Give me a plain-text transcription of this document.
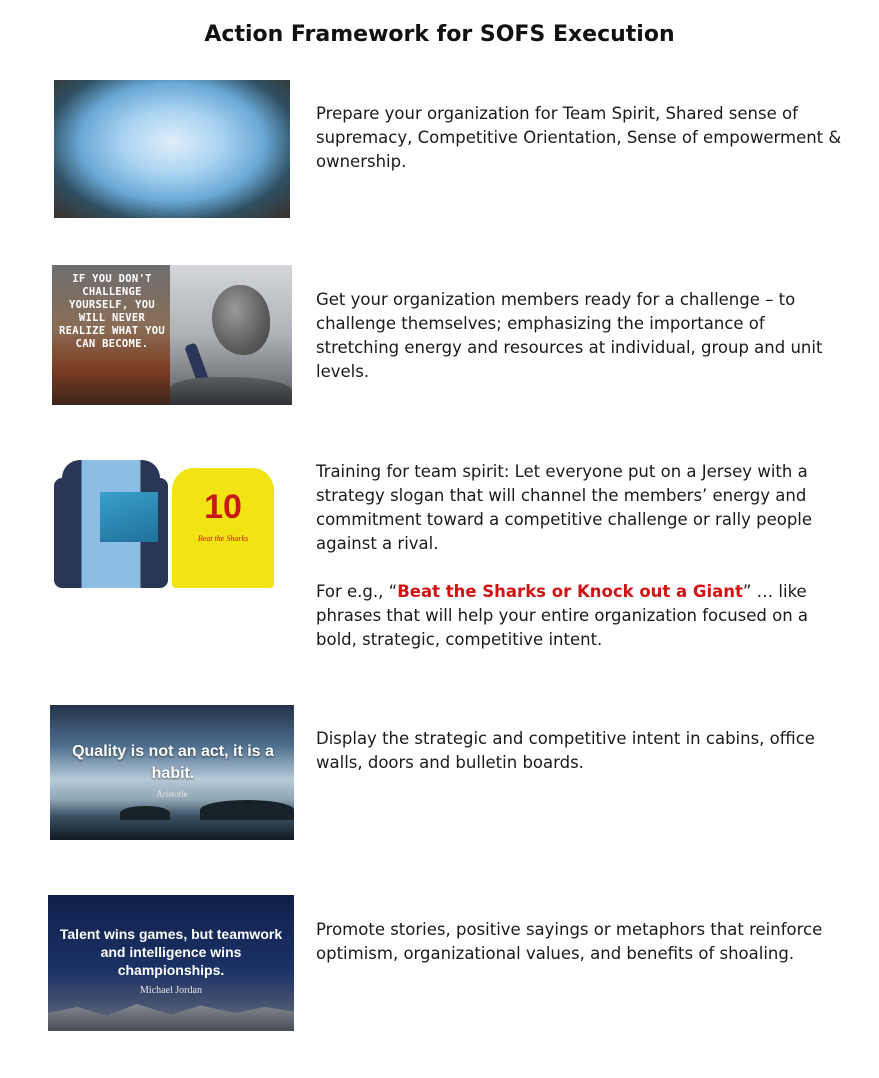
Action Framework for SOFS Execution

Prepare your organization for Team Spirit, Shared sense of supremacy, Competitive Orientation, Sense of empowerment & ownership.

IF YOU DON'T CHALLENGE YOURSELF, YOU WILL NEVER REALIZE WHAT YOU CAN BECOME.

Get your organization members ready for a challenge – to challenge themselves; emphasizing the importance of stretching energy and resources at individual, group and unit levels.

10
Beat the Sharks

Training for team spirit: Let everyone put on a Jersey with a strategy slogan that will channel the members’ energy and commitment toward a competitive challenge or rally people against a rival.

For e.g., “Beat the Sharks or Knock out a Giant” … like phrases that will help your entire organization focused on a bold, strategic, competitive intent.

Quality is not an act, it is a habit.
Aristotle

Display the strategic and competitive intent in cabins, office walls, doors and bulletin boards.

Talent wins games, but teamwork and intelligence wins championships.
Michael Jordan

Promote stories, positive sayings or metaphors that reinforce optimism, organizational values, and benefits of shoaling.
